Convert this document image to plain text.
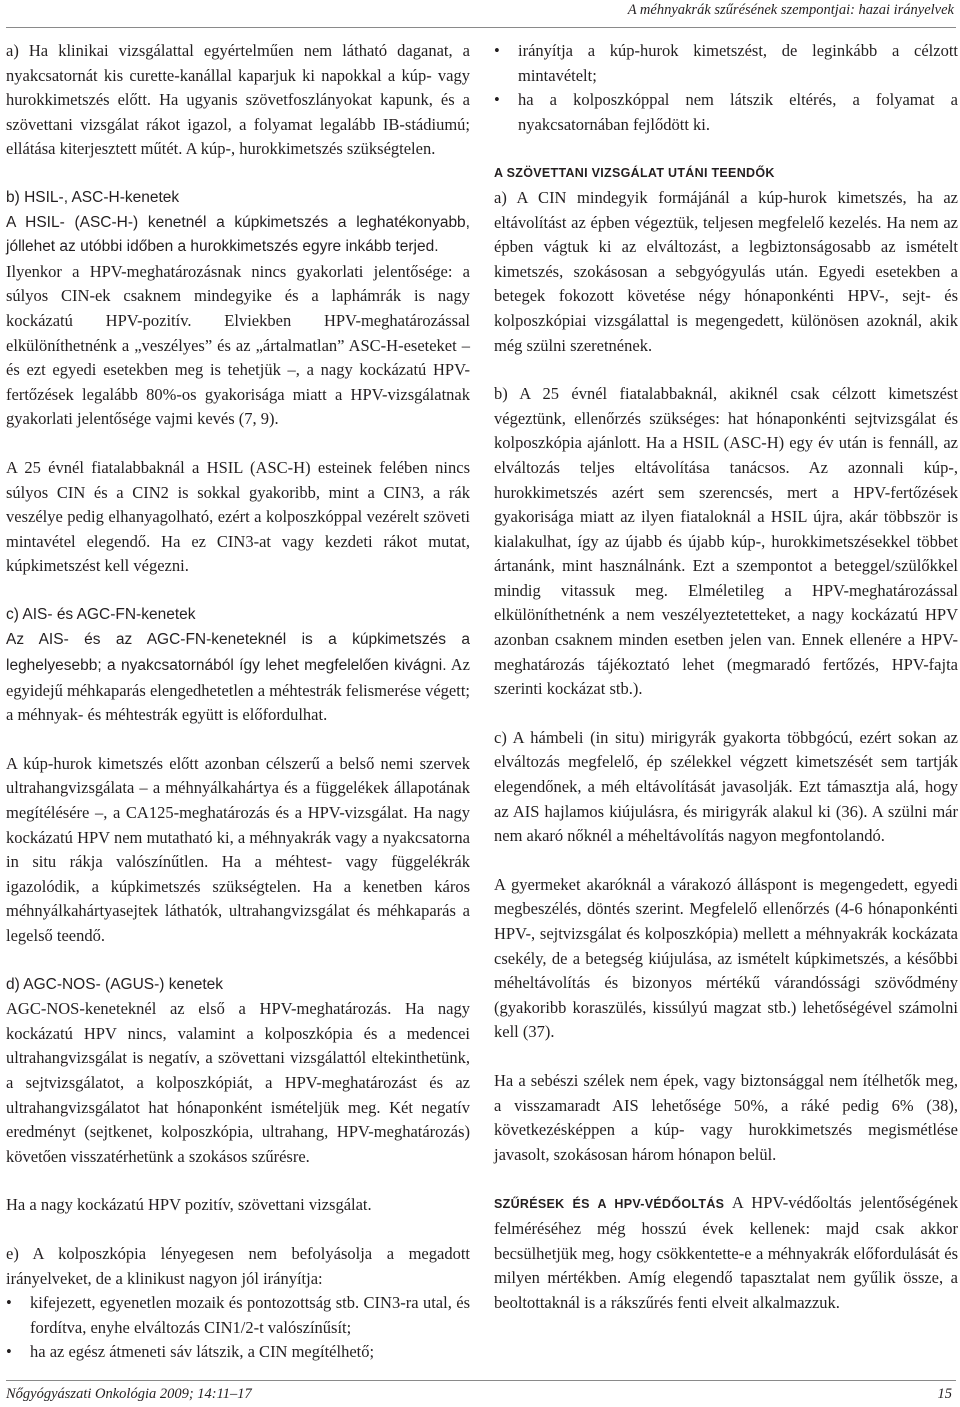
A méhnyakrák szűrésének szempontjai: hazai irányelvek

a) Ha klinikai vizsgálattal egyértelműen nem látható daganat, a nyakcsatornát kis curette-kanállal kaparjuk ki napokkal a kúp- vagy hurokkimetszés előtt. Ha ugyanis szövetfoszlányokat kapunk, és a szövettani vizsgálat rákot igazol, a folyamat legalább IB-stádiumú; ellátása kiterjesztett műtét. A kúp-, hurokkimetszés szükségtelen.

b) HSIL-, ASC-H-kenetek

A HSIL- (ASC-H-) kenetnél a kúpkimetszés a leghatékonyabb, jóllehet az utóbbi időben a hurokkimetszés egyre inkább terjed.

Ilyenkor a HPV-meghatározásnak nincs gyakorlati jelentősége: a súlyos CIN-ek csaknem mindegyike és a laphámrák is nagy kockázatú HPV-pozitív. Elviekben HPV-meghatározással elkülöníthetnénk a „veszélyes” és az „ártalmatlan” ASC-H-eseteket – és ezt egyedi esetekben meg is tehetjük –, a nagy kockázatú HPV-fertőzések legalább 80%-os gyakorisága miatt a HPV-vizsgálatnak gyakorlati jelentősége vajmi kevés (7, 9).

A 25 évnél fiatalabbaknál a HSIL (ASC-H) esteinek felében nincs súlyos CIN és a CIN2 is sokkal gyakoribb, mint a CIN3, a rák veszélye pedig elhanyagolható, ezért a kolposzkóppal vezérelt szöveti mintavétel elegendő. Ha ez CIN3-at vagy kezdeti rákot mutat, kúpkimetszést kell végezni.

c) AIS- és AGC-FN-kenetek

Az AIS- és az AGC-FN-keneteknél is a kúpkimetszés a leghelyesebb; a nyakcsatornából így lehet megfelelően kivágni. Az egyidejű méhkaparás elengedhetetlen a méhtestrák felismerése végett; a méhnyak- és méhtestrák együtt is előfordulhat.

A kúp-hurok kimetszés előtt azonban célszerű a belső nemi szervek ultrahangvizsgálata – a méhnyálkahártya és a függelékek állapotának megítélésére –, a CA125-meghatározás és a HPV-vizsgálat. Ha nagy kockázatú HPV nem mutatható ki, a méhnyakrák vagy a nyakcsatorna in situ rákja valószínűtlen. Ha a méhtest- vagy függelékrák igazolódik, a kúpkimetszés szükségtelen. Ha a kenetben káros méhnyálkahártyasejtek láthatók, ultrahangvizsgálat és méhkaparás a legelső teendő.

d) AGC-NOS- (AGUS-) kenetek

AGC-NOS-keneteknél az első a HPV-meghatározás. Ha nagy kockázatú HPV nincs, valamint a kolposzkópia és a medencei ultrahangvizsgálat is negatív, a szövettani vizsgálattól eltekinthetünk, a sejtvizsgálatot, a kolposzkópiát, a HPV-meghatározást és az ultrahangvizsgálatot hat hónaponként ismételjük meg. Két negatív eredményt (sejtkenet, kolposzkópia, ultrahang, HPV-meghatározás) követően visszatérhetünk a szokásos szűrésre.

Ha a nagy kockázatú HPV pozitív, szövettani vizsgálat.

e) A kolposzkópia lényegesen nem befolyásolja a megadott irányelveket, de a klinikust nagyon jól irányítja:

• kifejezett, egyenetlen mozaik és pontozottság stb. CIN3-ra utal, és fordítva, enyhe elváltozás CIN1/2-t valószínűsít;
• ha az egész átmeneti sáv látszik, a CIN megítélhető;
• irányítja a kúp-hurok kimetszést, de leginkább a célzott mintavételt;
• ha a kolposzkóppal nem látszik eltérés, a folyamat a nyakcsatornában fejlődött ki.

A SZÖVETTANI VIZSGÁLAT UTÁNI TEENDŐK

a) A CIN mindegyik formájánál a kúp-hurok kimetszés, ha az eltávolítást az épben végeztük, teljesen megfelelő kezelés. Ha nem az épben vágtuk ki az elváltozást, a legbiztonságosabb az ismételt kimetszés, szokásosan a sebgyógyulás után. Egyedi esetekben a betegek fokozott követése négy hónaponkénti HPV-, sejt- és kolposzkópiai vizsgálattal is megengedett, különösen azoknál, akik még szülni szeretnének.

b) A 25 évnél fiatalabbaknál, akiknél csak célzott kimetszést végeztünk, ellenőrzés szükséges: hat hónaponkénti sejtvizsgálat és kolposzkópia ajánlott. Ha a HSIL (ASC-H) egy év után is fennáll, az elváltozás teljes eltávolítása tanácsos. Az azonnali kúp-, hurokkimetszés azért sem szerencsés, mert a HPV-fertőzések gyakorisága miatt az ilyen fiataloknál a HSIL újra, akár többször is kialakulhat, így az újabb és újabb kúp-, hurokkimetszésekkel többet ártanánk, mint használnánk. Ezt a szempontot a beteggel/szülőkkel mindig vitassuk meg. Elméletileg a HPV-meghatározással elkülöníthetnénk a nem veszélyeztetetteket, a nagy kockázatú HPV azonban csaknem minden esetben jelen van. Ennek ellenére a HPV-meghatározás tájékoztató lehet (megmaradó fertőzés, HPV-fajta szerinti kockázat stb.).

c) A hámbeli (in situ) mirigyrák gyakorta többgócú, ezért sokan az elváltozás megfelelő, ép szélekkel végzett kimetszését sem tartják elegendőnek, a méh eltávolítását javasolják. Ezt támasztja alá, hogy az AIS hajlamos kiújulásra, és mirigyrák alakul ki (36). A szülni már nem akaró nőknél a méheltávolítás nagyon megfontolandó.

A gyermeket akaróknál a várakozó álláspont is megengedett, egyedi megbeszélés, döntés szerint. Megfelelő ellenőrzés (4-6 hónaponkénti HPV-, sejtvizsgálat és kolposzkópia) mellett a méhnyakrák kockázata csekély, de a betegség kiújulása, az ismételt kúpkimetszés, a későbbi méheltávolítás és bizonyos mértékű várandóssági szövődmény (gyakoribb koraszülés, kissúlyú magzat stb.) lehetőségével számolni kell (37).

Ha a sebészi szélek nem épek, vagy biztonsággal nem ítélhetők meg, a visszamaradt AIS lehetősége 50%, a ráké pedig 6% (38), következésképpen a kúp- vagy hurokkimetszés megismétlése javasolt, szokásosan három hónapon belül.

SZŰRÉSEK ÉS A HPV-VÉDŐOLTÁS A HPV-védőoltás jelentőségének felméréséhez még hosszú évek kellenek: majd csak akkor becsülhetjük meg, hogy csökkentette-e a méhnyakrák előfordulását és milyen mértékben. Amíg elegendő tapasztalat nem gyűlik össze, a beoltottaknál is a rákszűrés fenti elveit alkalmazzuk.

Nőgyógyászati Onkológia 2009; 14:11–17	15
